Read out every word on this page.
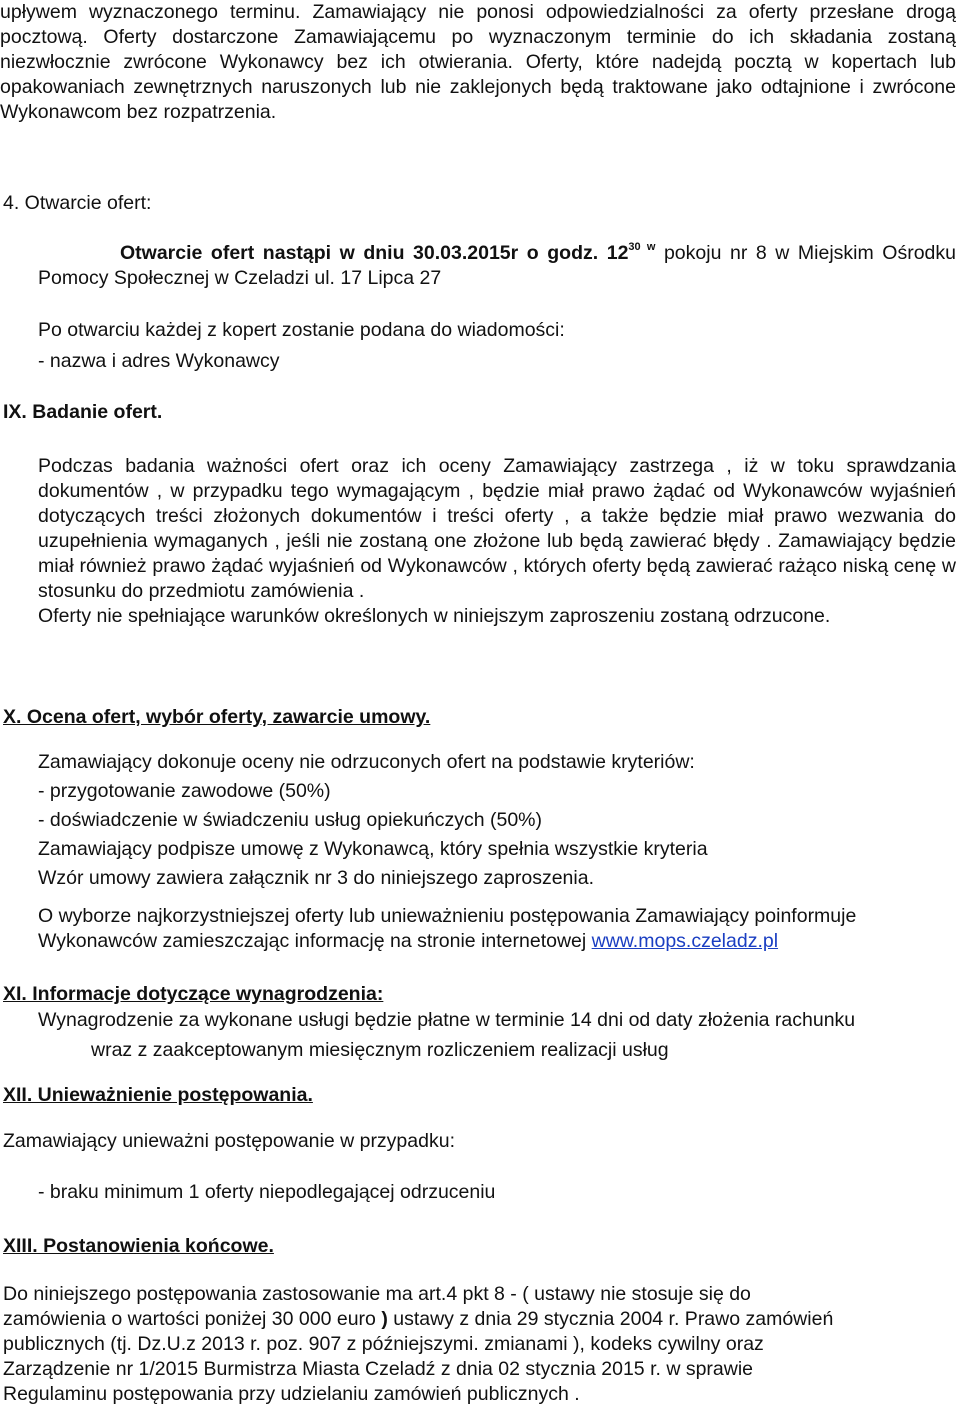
upływem wyznaczonego terminu. Zamawiający nie ponosi odpowiedzialności za oferty przesłane drogą pocztową. Oferty dostarczone Zamawiającemu po wyznaczonym terminie do ich składania zostaną niezwłocznie zwrócone Wykonawcy bez ich otwierania. Oferty, które nadejdą pocztą w kopertach lub opakowaniach zewnętrznych naruszonych lub nie zaklejonych będą traktowane jako odtajnione i zwrócone Wykonawcom bez rozpatrzenia.

4. Otwarcie ofert:

Otwarcie ofert nastąpi w dniu 30.03.2015r o godz. $12^{30 w}$ pokoju nr 8 w Miejskim Ośrodku Pomocy Społecznej w Czeladzi ul. 17 Lipca 27

Po otwarciu każdej z kopert zostanie podana do wiadomości:

- nazwa i adres Wykonawcy

IX. Badanie ofert.

Podczas badania ważności ofert oraz ich oceny Zamawiający zastrzega , iż w toku sprawdzania dokumentów , w przypadku tego wymagającym , będzie miał prawo żądać od Wykonawców wyjaśnień dotyczących treści złożonych dokumentów i treści oferty , a także będzie miał prawo wezwania do uzupełnienia wymaganych , jeśli nie zostaną one złożone lub będą zawierać błędy . Zamawiający będzie miał również prawo żądać wyjaśnień od Wykonawców , których oferty będą zawierać rażąco niską cenę w stosunku do przedmiotu zamówienia .

Oferty nie spełniające warunków określonych w niniejszym zaproszeniu zostaną odrzucone.

X. Ocena ofert, wybór oferty, zawarcie umowy.

Zamawiający dokonuje oceny nie odrzuconych ofert na podstawie kryteriów:

- przygotowanie zawodowe (50%)

- doświadczenie w świadczeniu usług opiekuńczych (50%)

Zamawiający podpisze umowę z Wykonawcą, który spełnia wszystkie kryteria

Wzór umowy zawiera załącznik nr 3 do niniejszego zaproszenia.

O wyborze najkorzystniejszej oferty lub unieważnieniu postępowania Zamawiający poinformuje

Wykonawców zamieszczając informację na stronie internetowej www.mops.czeladz.pl

XI. Informacje dotyczące wynagrodzenia:

Wynagrodzenie za wykonane usługi będzie płatne w terminie 14 dni od daty złożenia rachunku

wraz z zaakceptowanym miesięcznym rozliczeniem realizacji usług

XII. Unieważnienie postępowania.

Zamawiający unieważni postępowanie w przypadku:

- braku minimum 1 oferty niepodlegającej odrzuceniu

XIII. Postanowienia końcowe.

Do niniejszego postępowania zastosowanie ma art.4 pkt 8 - ( ustawy nie stosuje się do

zamówienia o wartości poniżej 30 000 euro ) ustawy z dnia 29 stycznia 2004 r. Prawo zamówień

publicznych (tj. Dz.U.z 2013 r. poz. 907 z późniejszymi. zmianami ), kodeks cywilny oraz

Zarządzenie nr 1/2015 Burmistrza Miasta Czeladź z dnia 02 stycznia 2015 r. w sprawie

Regulaminu postępowania przy udzielaniu zamówień publicznych .
